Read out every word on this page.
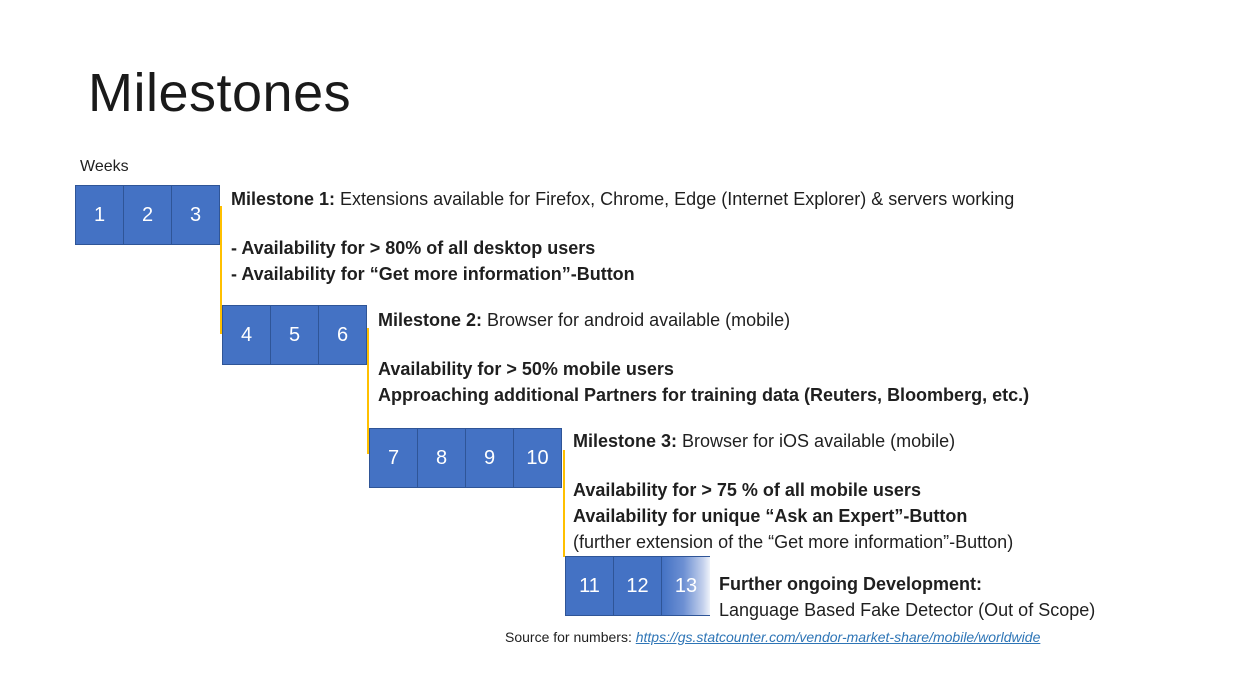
Milestones
Weeks
1	2	3
4	5	6
7	8	9	10
11	12	13
Milestone 1: Extensions available for Firefox, Chrome, Edge (Internet Explorer) & servers working
- Availability for > 80% of all desktop users
- Availability for “Get more information”-Button
Milestone 2: Browser for android available (mobile)
Availability for > 50% mobile users
Approaching additional Partners for training data (Reuters, Bloomberg, etc.)
Milestone 3: Browser for iOS available (mobile)
Availability for > 75 % of all mobile users
Availability for unique “Ask an Expert”-Button
(further extension of the “Get more information”-Button)
Further ongoing Development:
Language Based Fake Detector (Out of Scope)
Source for numbers: https://gs.statcounter.com/vendor-market-share/mobile/worldwide
